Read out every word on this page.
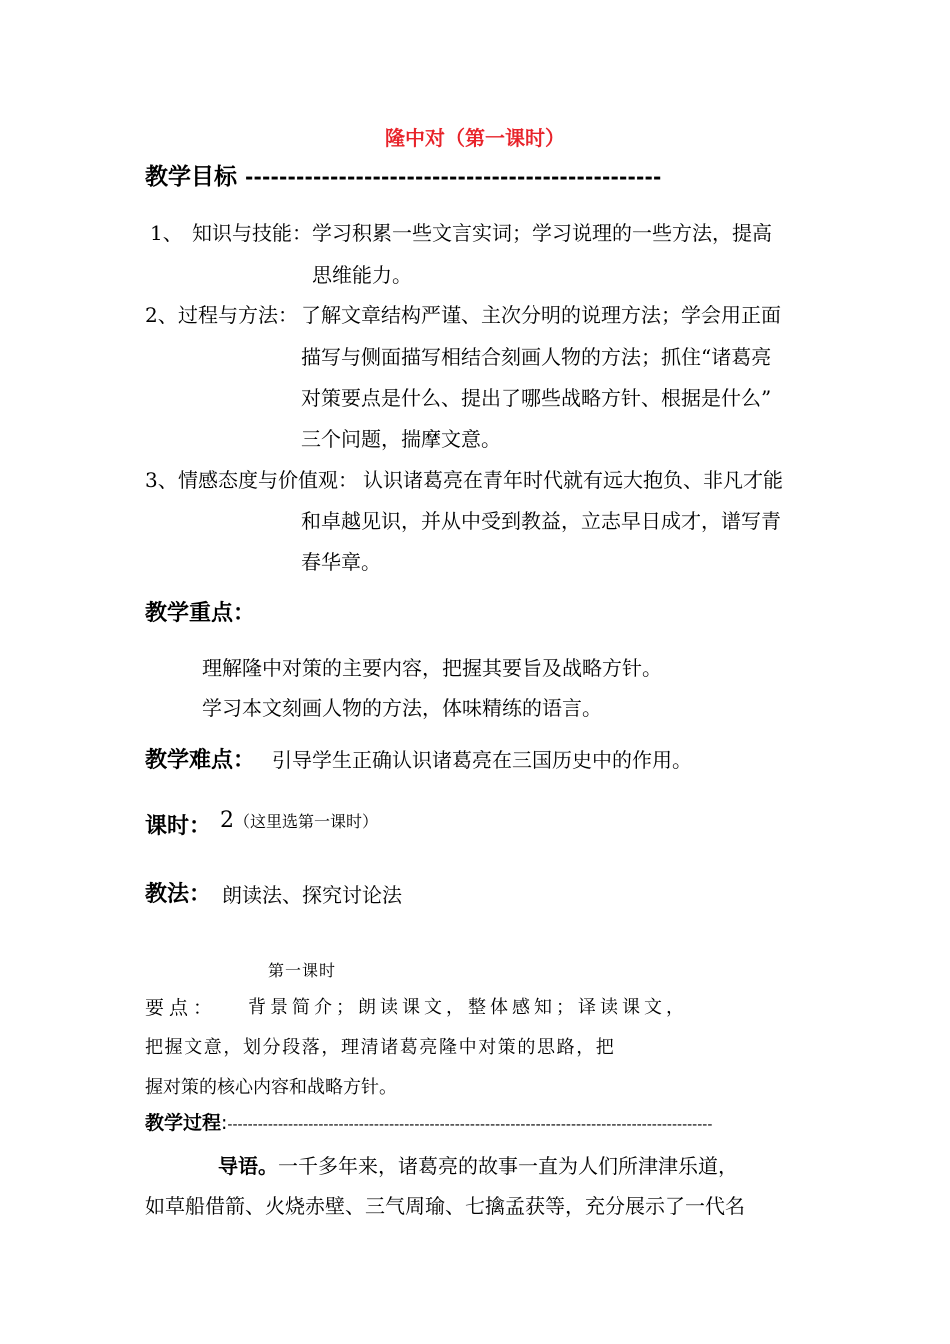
隆中对（第一课时）
教学目标 -------------------------------------------------
1、 知识与技能： 学习积累一些文言实词；学习说理的一些方法，提高
思维能力。
2、 过程与方法： 了解文章结构严谨、主次分明的说理方法；学会用正面
描写与侧面描写相结合刻画人物的方法；抓住“诸葛亮
对策要点是什么、提出了哪些战略方针、根据是什么”
三个问题，揣摩文意。
3、 情感态度与价值观： 认识诸葛亮在青年时代就有远大抱负、非凡才能
和卓越见识，并从中受到教益，立志早日成才，谱写青
春华章。
教学重点：
理解隆中对策的主要内容，把握其要旨及战略方针。
学习本文刻画人物的方法，体味精练的语言。
教学难点： 引导学生正确认识诸葛亮在三国历史中的作用。
课时： 2（这里选第一课时）
教法： 朗读法、探究讨论法
第一课时
要点： 背景简介；朗读课文，整体感知；译读课文，
把握文意，划分段落，理清诸葛亮隆中对策的思路，把
握对策的核心内容和战略方针。
教学过程:------------------------------------------------------------------------------------------------
导语。一千多年来，诸葛亮的故事一直为人们所津津乐道，
如草船借箭、火烧赤壁、三气周瑜、七擒孟获等，充分展示了一代名
